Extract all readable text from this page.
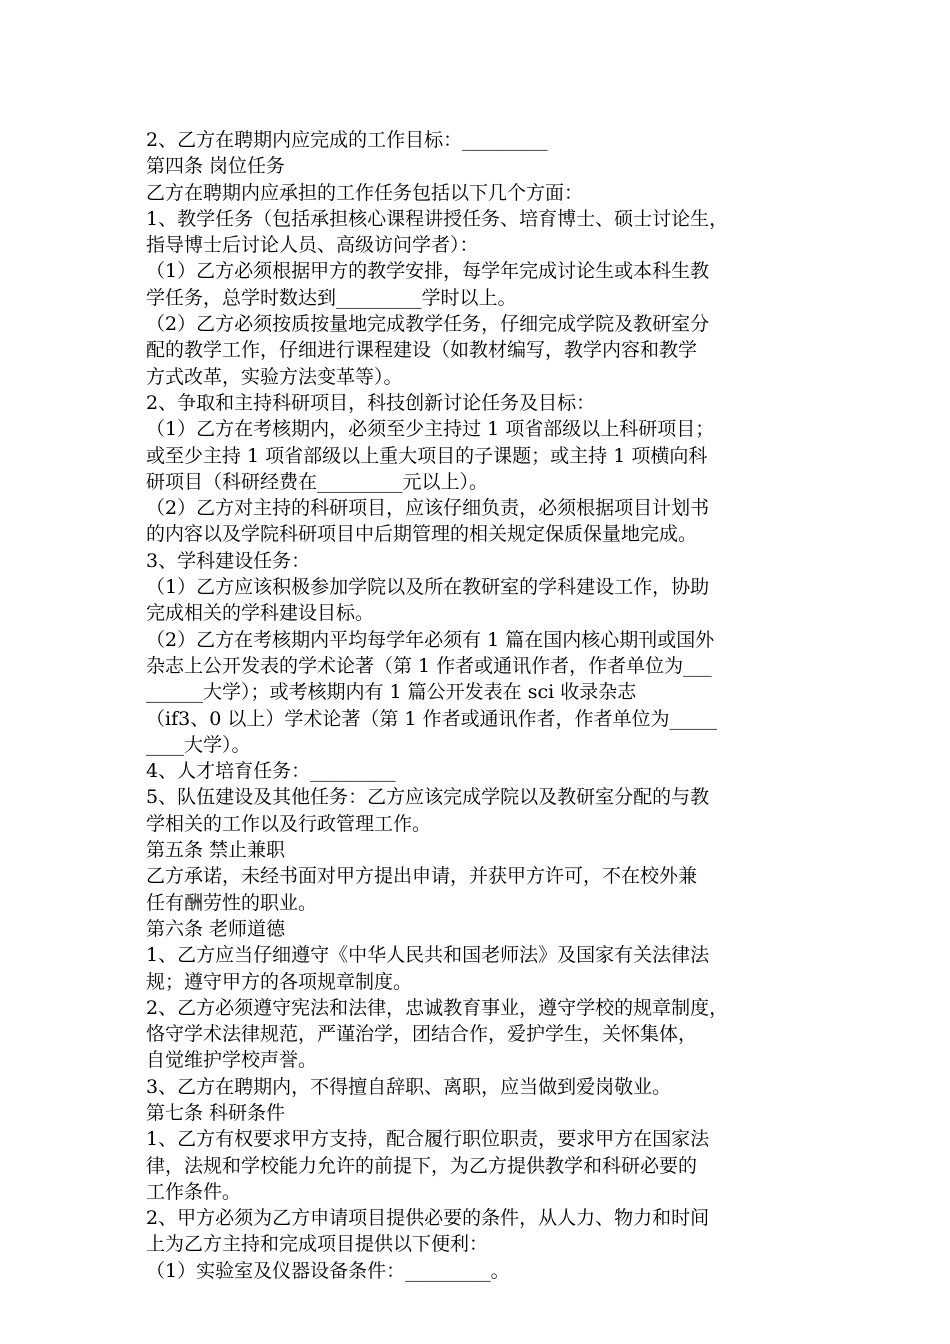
2、乙方在聘期内应完成的工作目标：_________
第四条 岗位任务
乙方在聘期内应承担的工作任务包括以下几个方面：
1、教学任务（包括承担核心课程讲授任务、培育博士、硕士讨论生，
指导博士后讨论人员、高级访问学者）：
（1）乙方必须根据甲方的教学安排，每学年完成讨论生或本科生教
学任务，总学时数达到_________学时以上。
（2）乙方必须按质按量地完成教学任务，仔细完成学院及教研室分
配的教学工作，仔细进行课程建设（如教材编写，教学内容和教学
方式改革，实验方法变革等）。
2、争取和主持科研项目，科技创新讨论任务及目标：
（1）乙方在考核期内，必须至少主持过 1 项省部级以上科研项目；
或至少主持 1 项省部级以上重大项目的子课题；或主持 1 项横向科
研项目（科研经费在_________元以上）。
（2）乙方对主持的科研项目，应该仔细负责，必须根据项目计划书
的内容以及学院科研项目中后期管理的相关规定保质保量地完成。
3、学科建设任务：
（1）乙方应该积极参加学院以及所在教研室的学科建设工作，协助
完成相关的学科建设目标。
（2）乙方在考核期内平均每学年必须有 1 篇在国内核心期刊或国外
杂志上公开发表的学术论著（第 1 作者或通讯作者，作者单位为___
______大学）；或考核期内有 1 篇公开发表在 sci 收录杂志
（if3、0 以上）学术论著（第 1 作者或通讯作者，作者单位为_____
____大学）。
4、人才培育任务：_________
5、队伍建设及其他任务：乙方应该完成学院以及教研室分配的与教
学相关的工作以及行政管理工作。
第五条 禁止兼职
乙方承诺，未经书面对甲方提出申请，并获甲方许可，不在校外兼
任有酬劳性的职业。
第六条 老师道德
1、乙方应当仔细遵守《中华人民共和国老师法》及国家有关法律法
规；遵守甲方的各项规章制度。
2、乙方必须遵守宪法和法律，忠诚教育事业，遵守学校的规章制度，
恪守学术法律规范，严谨治学，团结合作，爱护学生，关怀集体，
自觉维护学校声誉。
3、乙方在聘期内，不得擅自辞职、离职，应当做到爱岗敬业。
第七条 科研条件
1、乙方有权要求甲方支持，配合履行职位职责，要求甲方在国家法
律，法规和学校能力允许的前提下，为乙方提供教学和科研必要的
工作条件。
2、甲方必须为乙方申请项目提供必要的条件，从人力、物力和时间
上为乙方主持和完成项目提供以下便利：
（1）实验室及仪器设备条件：_________。
